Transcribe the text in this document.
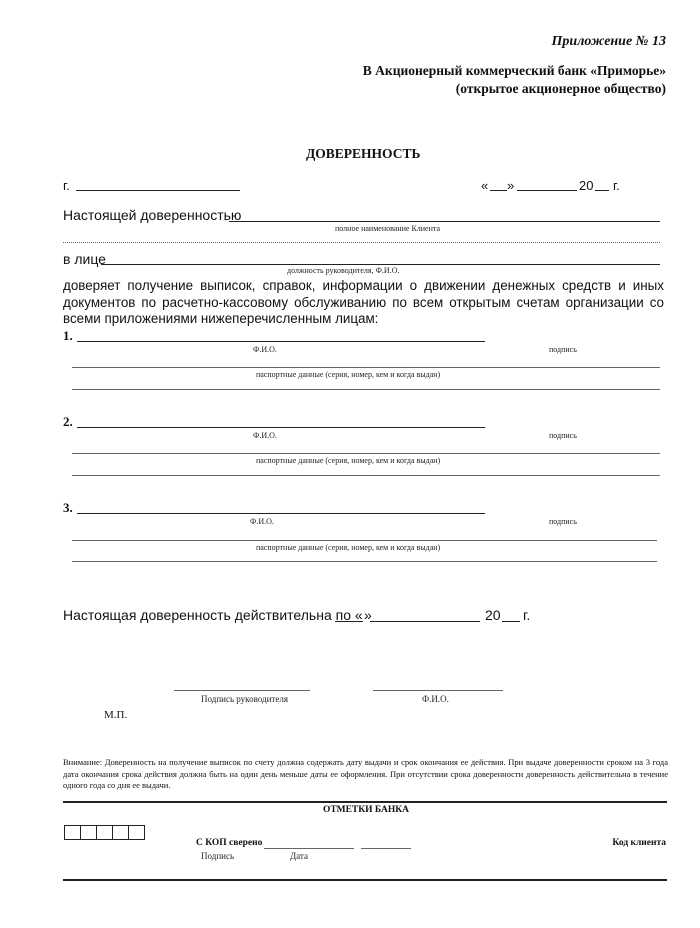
Приложение № 13
В Акционерный коммерческий банк «Приморье»
(открытое акционерное общество)
ДОВЕРЕННОСТЬ
г.	« »	20 г.
Настоящей доверенностью
полное наименование Клиента
в лице
должность руководителя, Ф.И.О.
доверяет получение выписок, справок, информации о движении денежных средств и иных документов по расчетно-кассовому обслуживанию по всем открытым счетам организации со всеми приложениями нижеперечисленным лицам:
1.
Ф.И.О.	подпись
паспортные данные (серия, номер, кем и когда выдан)
2.
Ф.И.О.	подпись
паспортные данные (серия, номер, кем и когда выдан)
3.
Ф.И.О.	подпись
паспортные данные (серия, номер, кем и когда выдан)
Настоящая доверенность действительна по « »	20 г.
Подпись руководителя	Ф.И.О.
М.П.
Внимание: Доверенность на получение выписок по счету должна содержать дату выдачи и срок окончания ее действия. При выдаче доверенности сроком на 3 года дата окончания срока действия должна быть на один день меньше даты ее оформления. При отсутствии срока доверенности доверенность действительна в течение одного года со дня ее выдачи.
ОТМЕТКИ БАНКА
С КОП сверено
Подпись	Дата
Код клиента
